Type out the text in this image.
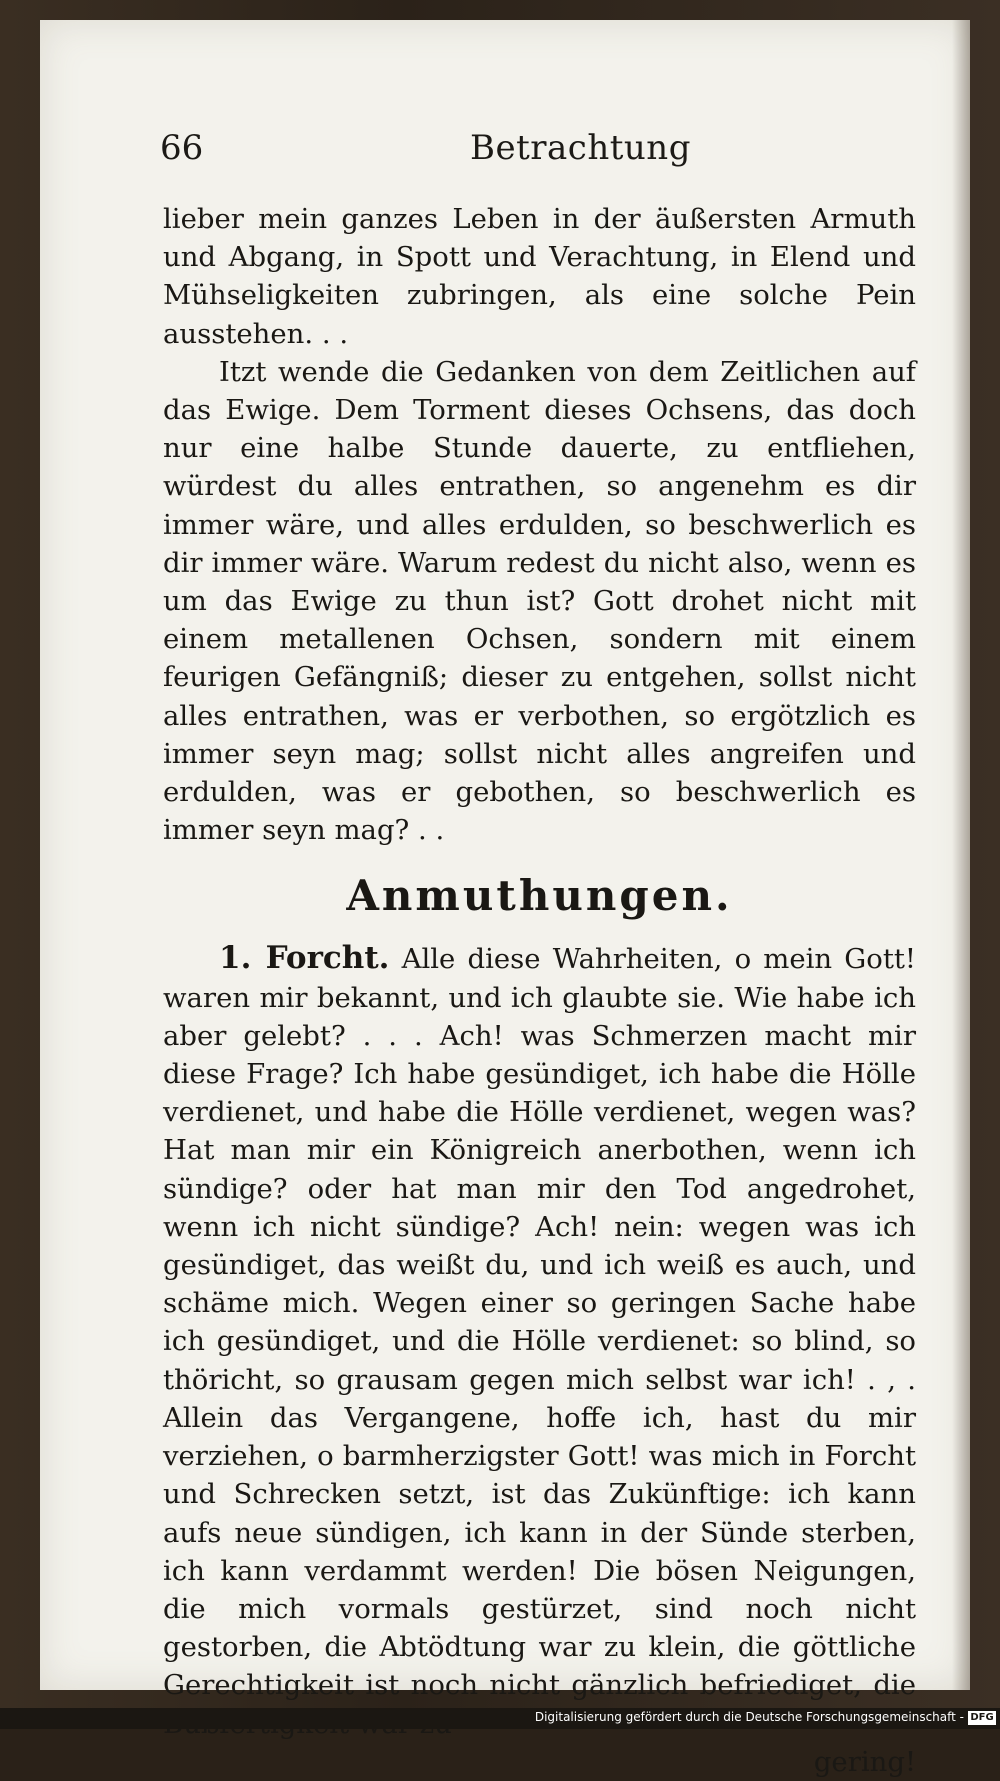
66	Betrachtung

lieber mein ganzes Leben in der äußersten Armuth und Abgang, in Spott und Verachtung, in Elend und Mühseligkeiten zubringen, als eine solche Pein ausstehen. . .

Itzt wende die Gedanken von dem Zeitlichen auf das Ewige. Dem Torment dieses Ochsens, das doch nur eine halbe Stunde dauerte, zu entfliehen, würdest du alles entrathen, so angenehm es dir immer wäre, und alles erdulden, so beschwerlich es dir immer wäre. Warum redest du nicht also, wenn es um das Ewige zu thun ist? Gott drohet nicht mit einem metallenen Ochsen, sondern mit einem feurigen Gefängniß; dieser zu entgehen, sollst nicht alles entrathen, was er verbothen, so ergötzlich es immer seyn mag; sollst nicht alles angreifen und erdulden, was er gebothen, so beschwerlich es immer seyn mag? . .

Anmuthungen.

1. Forcht. Alle diese Wahrheiten, o mein Gott! waren mir bekannt, und ich glaubte sie. Wie habe ich aber gelebt? . . . Ach! was Schmerzen macht mir diese Frage? Ich habe gesündiget, ich habe die Hölle verdienet, und habe die Hölle verdienet, wegen was? Hat man mir ein Königreich anerbothen, wenn ich sündige? oder hat man mir den Tod angedrohet, wenn ich nicht sündige? Ach! nein: wegen was ich gesündiget, das weißt du, und ich weiß es auch, und schäme mich. Wegen einer so geringen Sache habe ich gesündiget, und die Hölle verdienet: so blind, so thöricht, so grausam gegen mich selbst war ich! . , . Allein das Vergangene, hoffe ich, hast du mir verziehen, o barmherzigster Gott! was mich in Forcht und Schrecken setzt, ist das Zukünftige: ich kann aufs neue sündigen, ich kann in der Sünde sterben, ich kann verdammt werden! Die bösen Neigungen, die mich vormals gestürzet, sind noch nicht gestorben, die Abtödtung war zu klein, die göttliche Gerechtigkeit ist noch nicht gänzlich befriediget, die

gering!

Digitalisierung gefördert durch die Deutsche Forschungsgemeinschaft - DFG
